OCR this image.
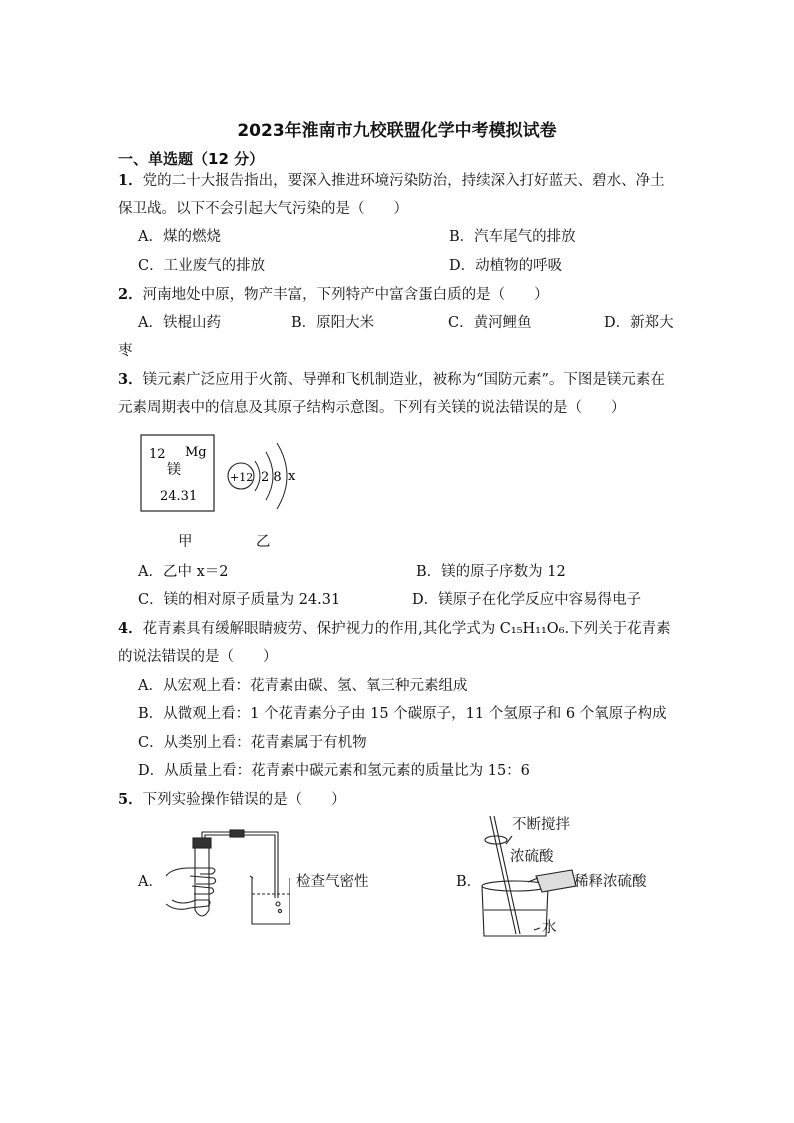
2023年淮南市九校联盟化学中考模拟试卷
一、单选题（12 分）
1．党的二十大报告指出，要深入推进环境污染防治，持续深入打好蓝天、碧水、净土
保卫战。以下不会引起大气污染的是（　　）
A．煤的燃烧	B．汽车尾气的排放
C．工业废气的排放	D．动植物的呼吸
2．河南地处中原，物产丰富，下列特产中富含蛋白质的是（　　）
A．铁棍山药	B．原阳大米	C．黄河鲤鱼	D．新郑大
枣
3．镁元素广泛应用于火箭、导弹和飞机制造业，被称为“国防元素”。下图是镁元素在
元素周期表中的信息及其原子结构示意图。下列有关镁的说法错误的是（　　）
12 Mg
镁
24.31
+12 2 8 x
甲	乙
A．乙中 x＝2	B．镁的原子序数为 12
C．镁的相对原子质量为 24.31	D．镁原子在化学反应中容易得电子
4．花青素具有缓解眼睛疲劳、保护视力的作用,其化学式为 C₁₅H₁₁O₆.下列关于花青素
的说法错误的是（　　）
A．从宏观上看：花青素由碳、氢、氧三种元素组成
B．从微观上看：1 个花青素分子由 15 个碳原子，11 个氢原子和 6 个氧原子构成
C．从类别上看：花青素属于有机物
D．从质量上看：花青素中碳元素和氢元素的质量比为 15：6
5．下列实验操作错误的是（　　）
A．	检查气密性	B．
不断搅拌
浓硫酸
稀释浓硫酸
水
